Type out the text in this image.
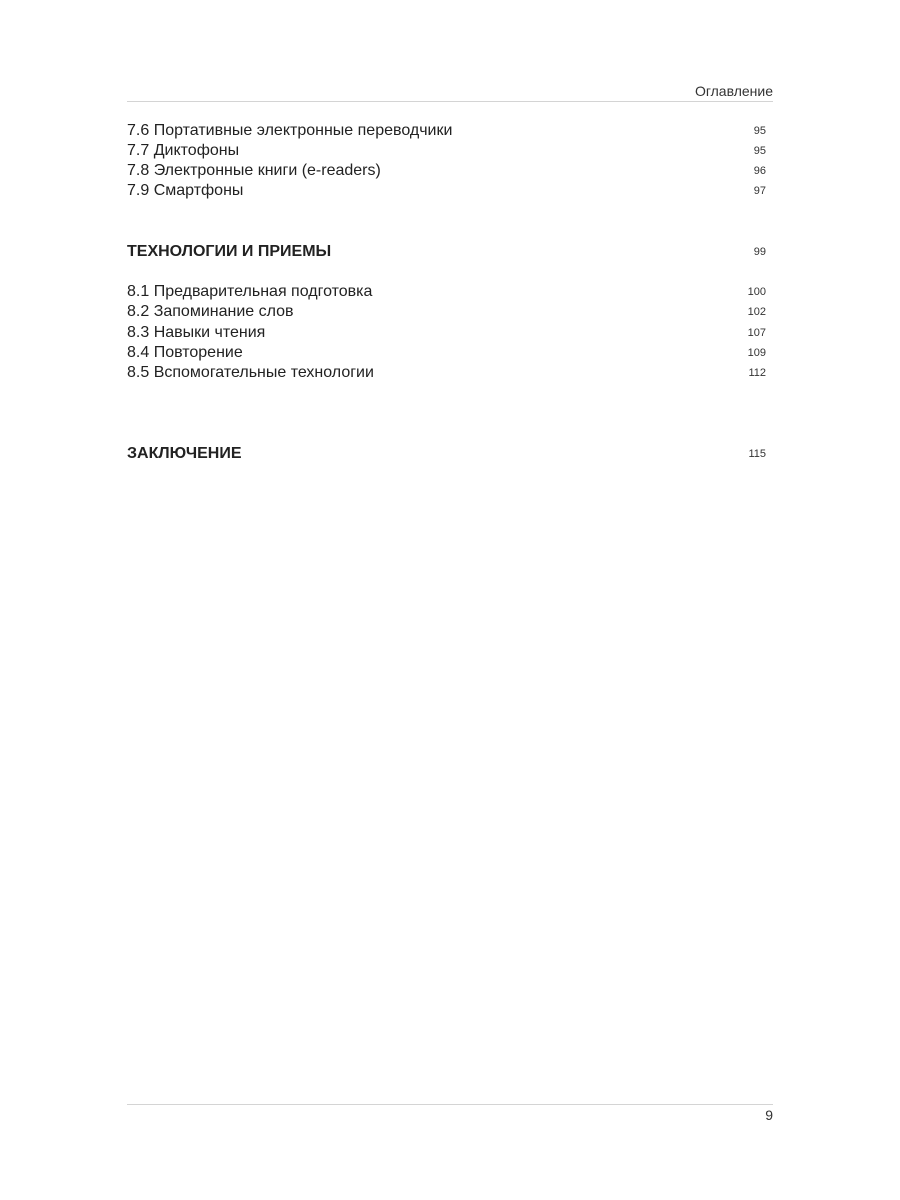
Оглавление
7.6 Портативные электронные переводчики	95
7.7 Диктофоны	95
7.8 Электронные книги (e-readers)	96
7.9 Смартфоны	97
ТЕХНОЛОГИИ И ПРИЕМЫ	99
8.1 Предварительная подготовка	100
8.2 Запоминание слов	102
8.3 Навыки чтения	107
8.4 Повторение	109
8.5 Вспомогательные технологии	112
ЗАКЛЮЧЕНИЕ	115
9
